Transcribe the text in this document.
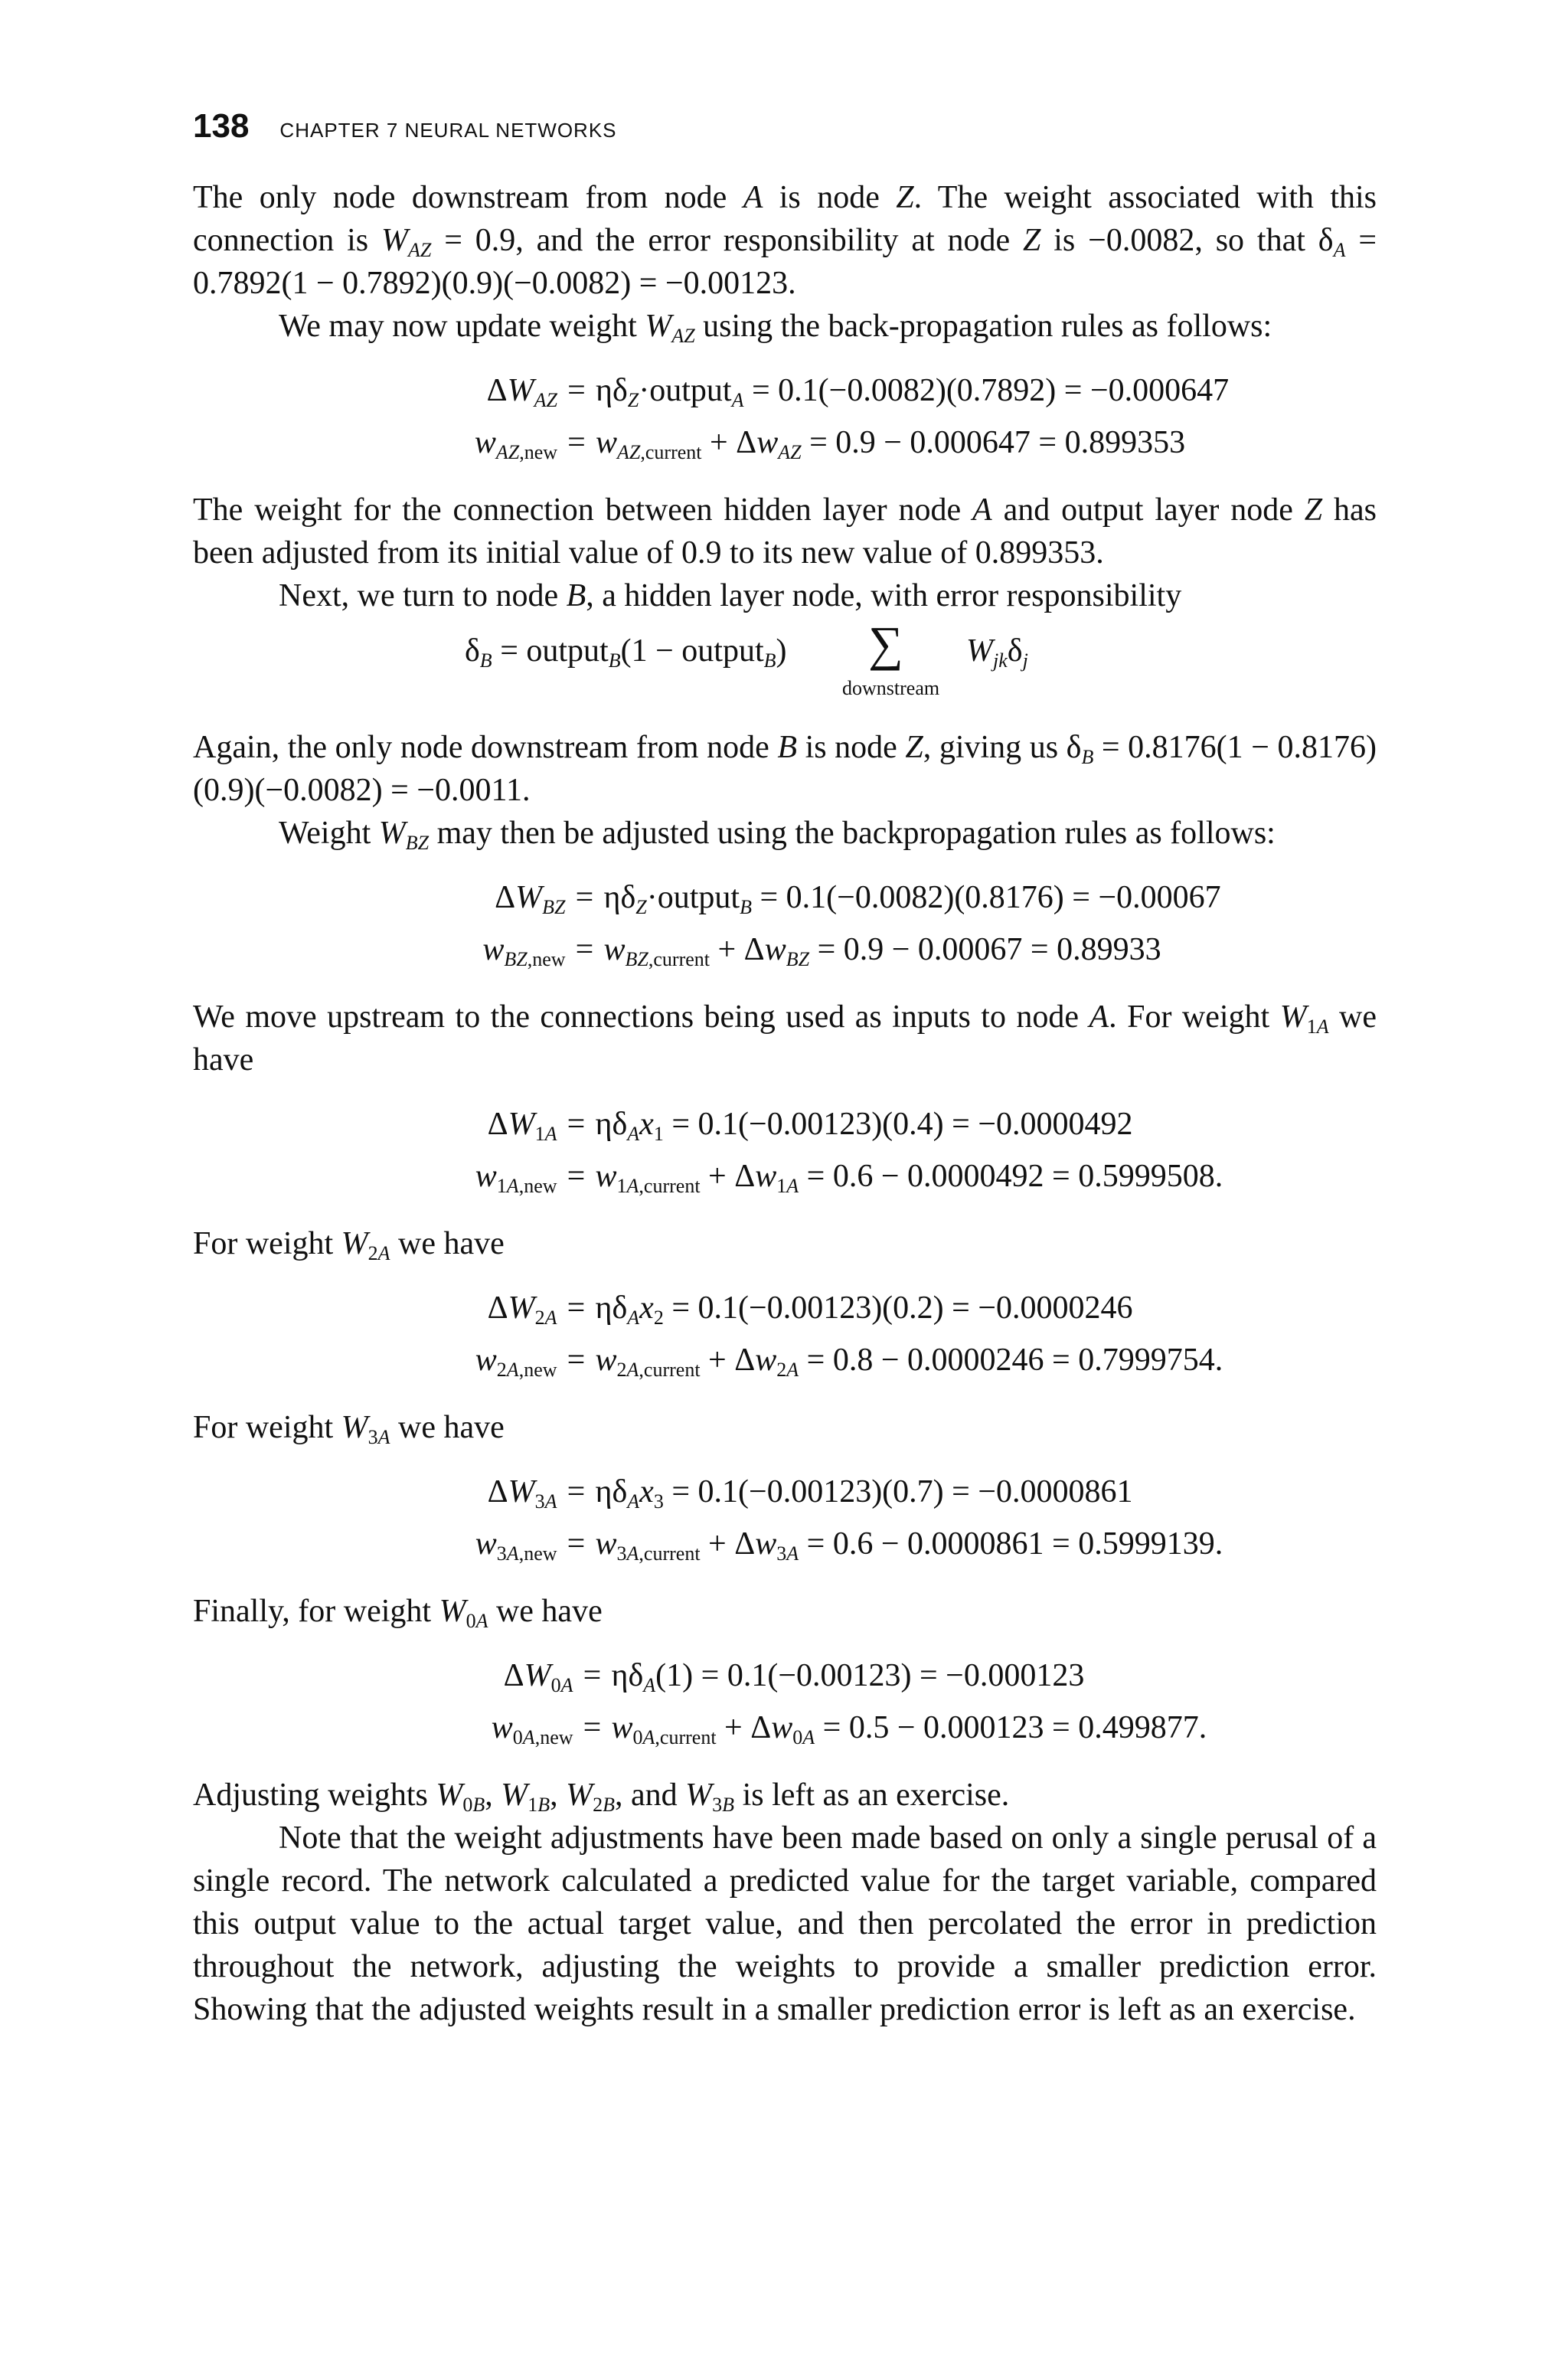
138 CHAPTER 7 NEURAL NETWORKS

The only node downstream from node A is node Z. The weight associated with this connection is $W_{AZ} = 0.9$, and the error responsibility at node Z is −0.0082, so that $\delta_A = 0.7892(1 - 0.7892)(0.9)(-0.0082) = -0.00123$.

We may now update weight $W_{AZ}$ using the back-propagation rules as follows:

$\Delta W_{AZ}$ = $\eta\delta_Z\cdot output_A = 0.1(-0.0082)(0.7892) = -0.000647$
$w_{AZ,new} = w_{AZ,current} + \Delta w_{AZ} = 0.9 - 0.000647 = 0.899353$

The weight for the connection between hidden layer node A and output layer node Z has been adjusted from its initial value of 0.9 to its new value of 0.899353.

Next, we turn to node B, a hidden layer node, with error responsibility

$\delta_B$ = output$_B$(1 − output$_B$) ∑
downstream
$W_{jk}\delta_j$

Again, the only node downstream from node B is node Z, giving us $\delta_B = 0.8176(1 - 0.8176)(0.9)(-0.0082) = -0.0011$.

Weight $W_{BZ}$ may then be adjusted using the backpropagation rules as follows:

$\Delta W_{BZ}$ = $\eta\delta_Z\cdot output_B = 0.1(-0.0082)(0.8176) = -0.00067$
$w_{BZ,new} = w_{BZ,current} + \Delta w_{BZ} = 0.9 - 0.00067 = 0.89933$

We move upstream to the connections being used as inputs to node A. For weight $W_{1A}$ we have

$\Delta W_{1A} = \eta\delta_Ax_1 = 0.1(-0.00123)(0.4) = -0.0000492$
$w_{1A,new} = w_{1A,current} + \Delta w_{1A} = 0.6 - 0.0000492 = 0.5999508$.

For weight $W_{2A}$ we have

$\Delta W_{2A} = \eta\delta_Ax_2 = 0.1(-0.00123)(0.2) = -0.0000246$
$w_{2A,new} = w_{2A,current} + \Delta w_{2A} = 0.8 - 0.0000246 = 0.7999754$.

For weight $W_{3A}$ we have

$\Delta W_{3A} = \eta\delta_Ax_3 = 0.1(-0.00123)(0.7) = -0.0000861$
$w_{3A,new} = w_{3A,current} + \Delta w_{3A} = 0.6 - 0.0000861 = 0.5999139$.

Finally, for weight $W_{0A}$ we have

$\Delta W_{0A} = \eta\delta_A(1) = 0.1(-0.00123) = -0.000123$
$w_{0A,new} = w_{0A,current} + \Delta w_{0A} = 0.5 - 0.000123 = 0.499877$.

Adjusting weights $W_{0B}$, $W_{1B}$, $W_{2B}$, and $W_{3B}$ is left as an exercise.

Note that the weight adjustments have been made based on only a single perusal of a single record. The network calculated a predicted value for the target variable, compared this output value to the actual target value, and then percolated the error in prediction throughout the network, adjusting the weights to provide a smaller prediction error. Showing that the adjusted weights result in a smaller prediction error is left as an exercise.
